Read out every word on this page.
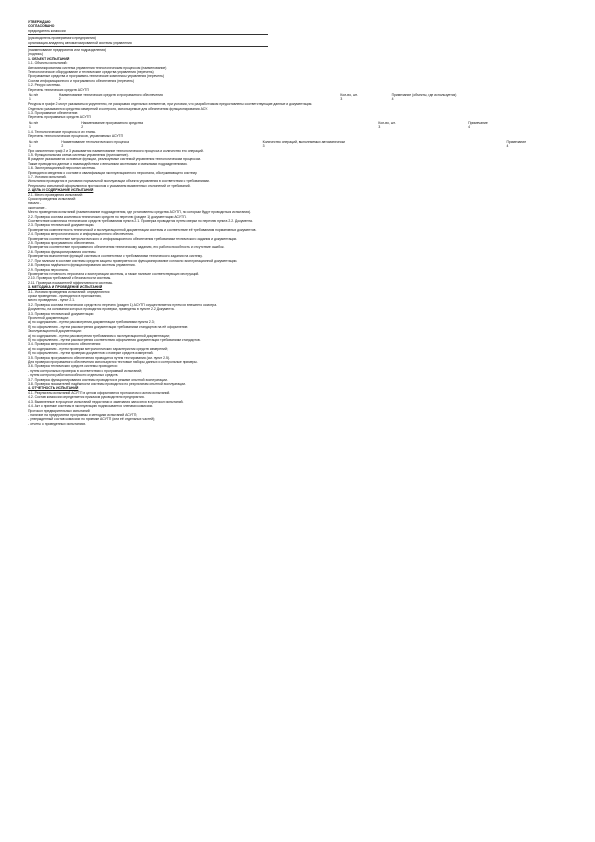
УТВЕРЖДАЮ
СОГЛАСОВАНО
председатель комиссии
(руководитель проверяемого предприятия)
организация-владелец автоматизированной системы управления
(наименование предприятия или подразделения)
(подпись)
1. ОБЪЕКТ ИСПЫТАНИЙ
1.1. Объекты испытаний:
Автоматизированная система управления технологическим процессом (наименование)
Технологическое оборудование и технические средства управления (перечень)
Программные средства и программно-технические комплексы управления (перечень)
Состав информационного и программного обеспечения (перечень)
1.2. Ресурс системы.
Перечень технических средств АСУТП
№ п/п	Наименование технических средств и программного обеспечения	Кол-во, шт.	Примечание (объекты, где используется)
1	2	3	4
Ресурсы в графе 2 могут указываться укрупненно, не раскрывая отдельных элементов, при условии, что разработчиком предоставлены соответствующие данные и документация.
Отдельно указываются средства измерений и контроля, используемые для обеспечения функционирования АСУ.
1.3. Программное обеспечение.
Перечень программных средств АСУТП
№ п/п	Наименование программного средства	Кол-во, шт.	Примечание
1	2	3	4
1.4. Технологические процессы и их этапы.
Перечень технологических процессов, управляемых АСУТП
№ п/п	Наименование технологического процесса	Количество операций, выполняемых автоматически	Примечание
1	2	3	4
При заполнении граф 2 и 3 указывается наименование технологического процесса и количество его операций.
1.5. Функциональная схема системы управления (приложение).
В разделе указываются основные функции, реализуемые системой управления технологическим процессом.
Также приводятся данные о взаимодействии с внешними системами и смежными подразделениями.
1.6. Эксплуатационный персонал системы.
Приводятся сведения о составе и квалификации эксплуатационного персонала, обслуживающего систему.
1.7. Условия испытаний.
Испытания проводятся в условиях нормальной эксплуатации объекта управления в соответствии с требованиями.
Результаты испытаний оформляются протоколом с указанием выявленных отклонений от требований.
2. ЦЕЛЬ И СОДЕРЖАНИЕ ИСПЫТАНИЙ
2.1. Место проведения испытаний:
Сроки проведения испытаний:
начало -
окончание -
Место проведения испытаний (наименование подразделения, где установлены средства АСУТП, по которым будут проводиться испытания).
2.2. Проверка состава комплекса технических средств по перечню (раздел 1) документации АСУТП.
Соответствие комплекса технических средств требованиям пункта 2.1. Проверка проводится путем сверки по перечню пункта 2.2. Документа.
2.3. Проверка технической документации.
Проверяется комплектность технической и эксплуатационной документации системы и соответствие её требованиям нормативных документов.
2.4. Проверка метрологического и информационного обеспечения.
Проверяется соответствие метрологического и информационного обеспечения требованиям технического задания и документации.
2.5. Проверка программного обеспечения.
Проверяется соответствие программного обеспечения техническому заданию, его работоспособность и отсутствие ошибок.
2.6. Проверка функционирования системы.
Проверяется выполнение функций системы в соответствии с требованиями технического задания на систему.
2.7. При наличии в составе системы средств защиты проверяется их функционирование согласно эксплуатационной документации.
2.8. Проверка надёжности функционирования системы управления.
2.9. Проверка персонала.
Проверяется готовность персонала к эксплуатации системы, а также наличие соответствующих инструкций.
2.10. Проверка требований к безопасности системы.
2.11. Проверка показателей эффективности системы.
3. МЕТОДИКА И ПРОВЕДЕНИЕ ИСПЫТАНИЙ
3.1. Условия проведения испытаний: определяются
сроки проведения - приводятся в приложении,
место проведения - пункт 2.1.
3.2. Проверка состава технических средств по перечню (раздел 1) АСУТП осуществляется путем их внешнего осмотра.
Документы, на основании которых проводятся проверки, приведены в пункте 2.2 Документа.
3.3. Проверка технической документации
Проектной документации:
а) по содержанию - путем рассмотрения документации требованиям пункта 2.3;
б) по оформлению - путем рассмотрения документации требованиям стандартов на её оформление.
Эксплуатационной документации:
а) по содержанию - путем рассмотрения требованиям к эксплуатационной документации;
б) по оформлению - путем рассмотрения соответствия оформления документации требованиям стандартов.
3.4. Проверка метрологического обеспечения:
а) по содержанию - путем проверки метрологических характеристик средств измерений;
б) по оформлению - путем проверки документов о поверке средств измерений.
3.5. Проверка программного обеспечения проводится путем тестирования (см. пункт 2.5).
Для проверки программного обеспечения используются тестовые наборы данных и контрольные примеры.
3.6. Проверка технических средств системы проводится:
- путем контрольных проверок в соответствии с программой испытаний;
- путем контроля работоспособности отдельных средств.
3.7. Проверка функционирования системы проводится в режиме опытной эксплуатации.
3.8. Проверка показателей надёжности системы проводится по результатам опытной эксплуатации.
4. ОТЧЕТНОСТЬ ИСПЫТАНИЙ
4.1. Результаты испытаний АСУТП в целом оформляются протоколом и актом испытаний.
4.2. Состав комиссии определяется приказом руководителя предприятия.
4.3. Выявленные в процессе испытаний недостатки и замечания заносятся в протокол испытаний.
4.4. Акт о приемке системы в эксплуатацию подписывается членами комиссии.
Протокол предварительных испытаний
- наличие на предприятии программы и методики испытаний АСУТП;
- утвержденный состав комиссии по приемке АСУТП (или её отдельных частей);
- отчеты о проведенных испытаниях.
